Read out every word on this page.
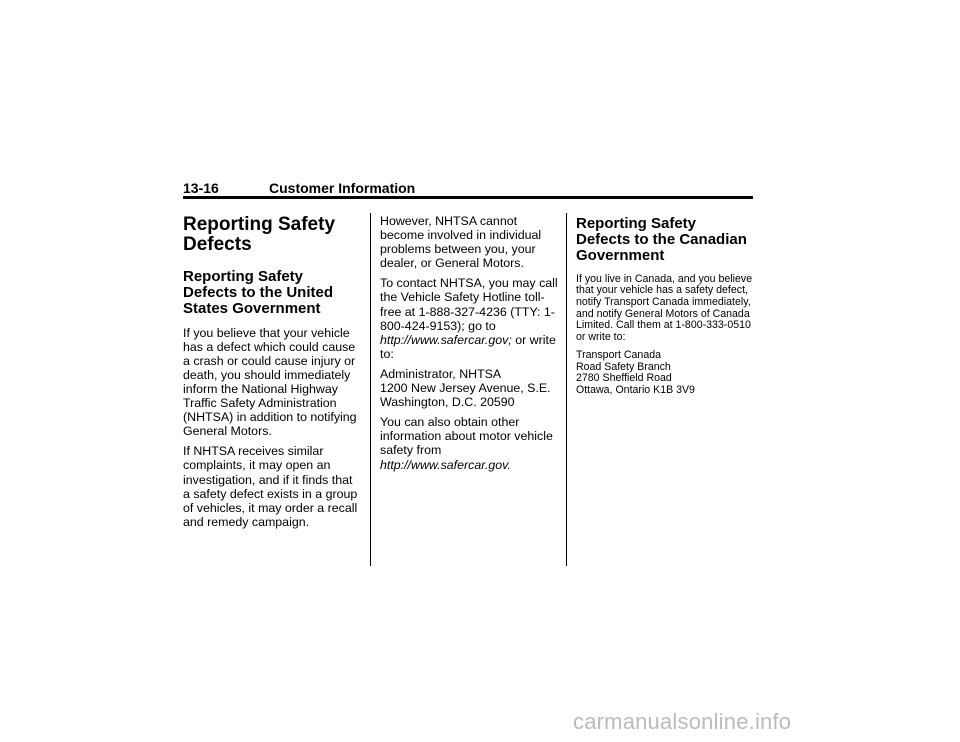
13-16	Customer Information
Reporting Safety Defects
Reporting Safety Defects to the United States Government

If you believe that your vehicle has a defect which could cause a crash or could cause injury or death, you should immediately inform the National Highway Traffic Safety Administration (NHTSA) in addition to notifying General Motors.

If NHTSA receives similar complaints, it may open an investigation, and if it finds that a safety defect exists in a group of vehicles, it may order a recall and remedy campaign.

However, NHTSA cannot become involved in individual problems between you, your dealer, or General Motors.

To contact NHTSA, you may call the Vehicle Safety Hotline toll-free at 1-888-327-4236 (TTY: 1-800-424-9153); go to http://www.safercar.gov; or write to:

Administrator, NHTSA
1200 New Jersey Avenue, S.E.
Washington, D.C. 20590

You can also obtain other information about motor vehicle safety from
http://www.safercar.gov.

Reporting Safety Defects to the Canadian Government

If you live in Canada, and you believe that your vehicle has a safety defect, notify Transport Canada immediately, and notify General Motors of Canada Limited. Call them at 1-800-333-0510 or write to:

Transport Canada
Road Safety Branch
2780 Sheffield Road
Ottawa, Ontario K1B 3V9

carmanualsonline.info
